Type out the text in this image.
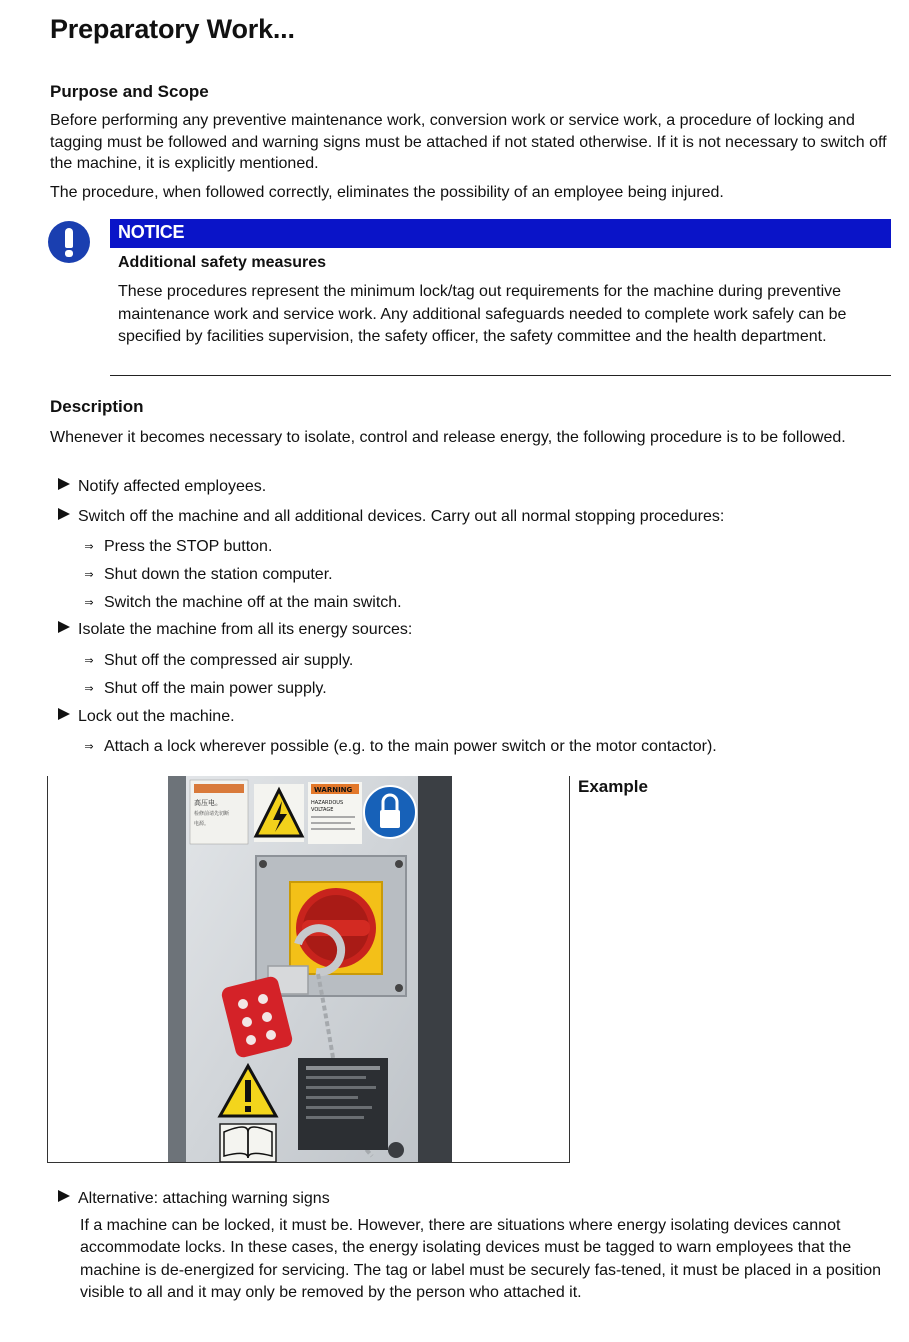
Preparatory Work...
Purpose and Scope

Before performing any preventive maintenance work, conversion work or service work, a procedure of locking and tagging must be followed and warning signs must be attached if not stated otherwise. If it is not necessary to switch off the machine, it is explicitly mentioned.

The procedure, when followed correctly, eliminates the possibility of an employee being injured.

NOTICE
Additional safety measures

These procedures represent the minimum lock/tag out requirements for the machine during preventive maintenance work and service work. Any additional safeguards needed to complete work safely can be specified by facilities supervision, the safety officer, the safety committee and the health department.

Description

Whenever it becomes necessary to isolate, control and release energy, the following procedure is to be followed.

Notify affected employees.
Switch off the machine and all additional devices. Carry out all normal stopping procedures:
⇒ Press the STOP button.
⇒ Shut down the station computer.
⇒ Switch the machine off at the main switch.
Isolate the machine from all its energy sources:
⇒ Shut off the compressed air supply.
⇒ Shut off the main power supply.
Lock out the machine.
⇒ Attach a lock wherever possible (e.g. to the main power switch or the motor contactor).
高压电。
检修前请先切断
电源。
WARNING
HAZARDOUS
VOLTAGE
Example
Alternative: attaching warning signs

If a machine can be locked, it must be. However, there are situations where energy isolating devices cannot accommodate locks. In these cases, the energy isolating devices must be tagged to warn employees that the machine is de-energized for servicing. The tag or label must be securely fas-tened, it must be placed in a position visible to all and it may only be removed by the person who attached it.
